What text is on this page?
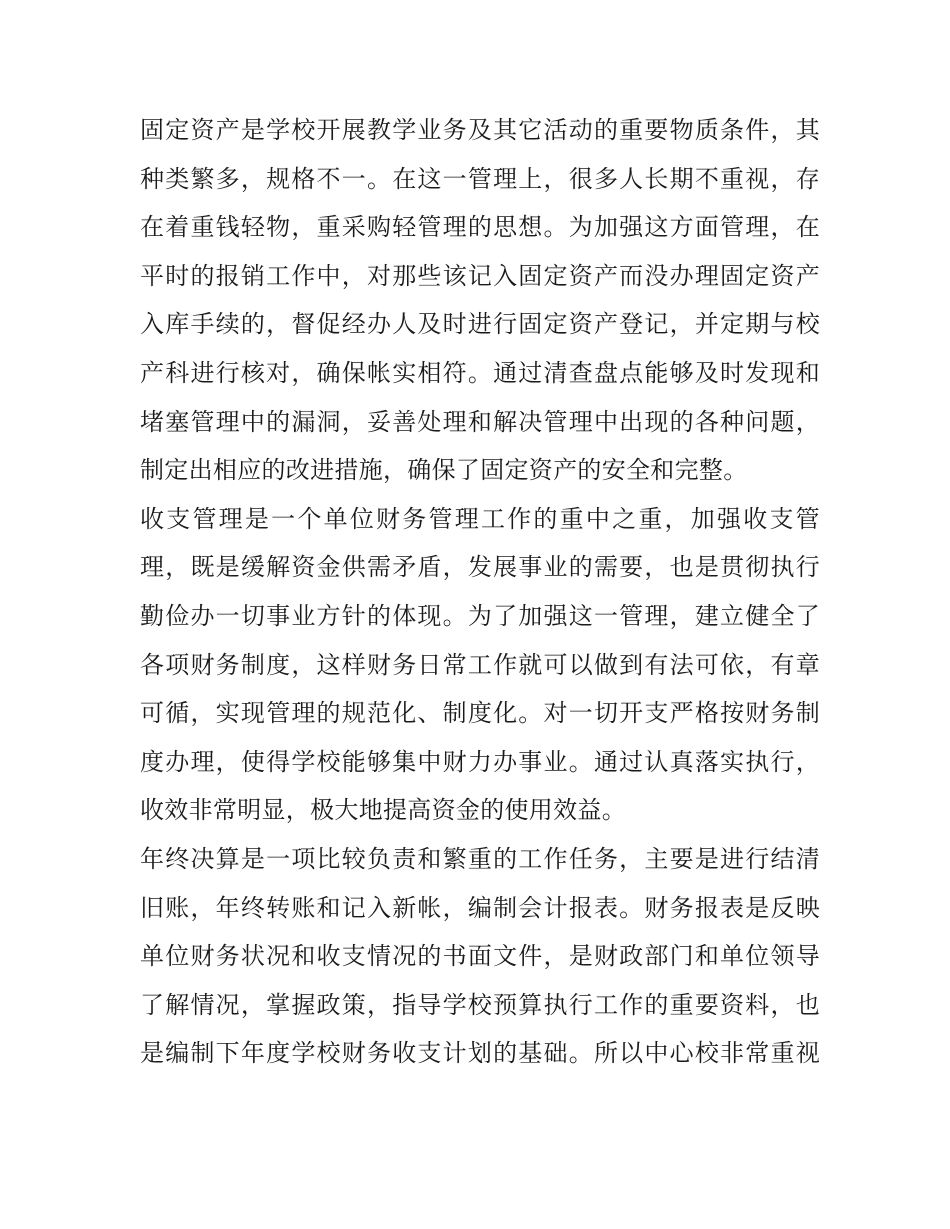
固定资产是学校开展教学业务及其它活动的重要物质条件，其
种类繁多，规格不一。在这一管理上，很多人长期不重视，存
在着重钱轻物，重采购轻管理的思想。为加强这方面管理，在
平时的报销工作中，对那些该记入固定资产而没办理固定资产
入库手续的，督促经办人及时进行固定资产登记，并定期与校
产科进行核对，确保帐实相符。通过清查盘点能够及时发现和
堵塞管理中的漏洞，妥善处理和解决管理中出现的各种问题，
制定出相应的改进措施，确保了固定资产的安全和完整。
收支管理是一个单位财务管理工作的重中之重，加强收支管
理，既是缓解资金供需矛盾，发展事业的需要，也是贯彻执行
勤俭办一切事业方针的体现。为了加强这一管理，建立健全了
各项财务制度，这样财务日常工作就可以做到有法可依，有章
可循，实现管理的规范化、制度化。对一切开支严格按财务制
度办理，使得学校能够集中财力办事业。通过认真落实执行，
收效非常明显，极大地提高资金的使用效益。
年终决算是一项比较负责和繁重的工作任务，主要是进行结清
旧账，年终转账和记入新帐，编制会计报表。财务报表是反映
单位财务状况和收支情况的书面文件，是财政部门和单位领导
了解情况，掌握政策，指导学校预算执行工作的重要资料，也
是编制下年度学校财务收支计划的基础。所以中心校非常重视
